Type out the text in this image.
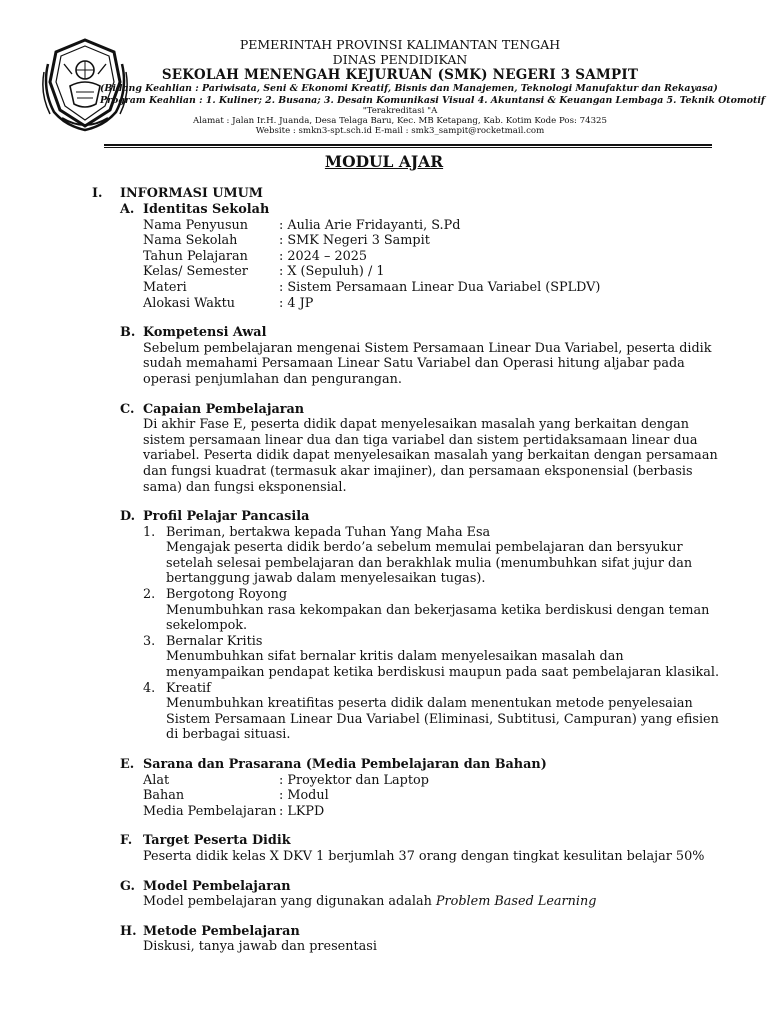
PEMERINTAH PROVINSI KALIMANTAN TENGAH
DINAS PENDIDIKAN
SEKOLAH MENENGAH KEJURUAN (SMK) NEGERI 3 SAMPIT
(Bidang Keahlian : Pariwisata, Seni & Ekonomi Kreatif, Bisnis dan Manajemen, Teknologi Manufaktur dan Rekayasa)
Program Keahlian : 1. Kuliner; 2. Busana; 3. Desain Komunikasi Visual 4. Akuntansi & Keuangan Lembaga 5. Teknik Otomotif
"Terakreditasi "A
Alamat : Jalan Ir.H. Juanda, Desa Telaga Baru, Kec. MB Ketapang, Kab. Kotim Kode Pos: 74325
Website : smkn3-spt.sch.id E-mail : smk3_sampit@rocketmail.com
MODUL AJAR
I. INFORMASI UMUM
A. Identitas Sekolah
Nama Penyusun : Aulia Arie Fridayanti, S.Pd
Nama Sekolah	: SMK Negeri 3 Sampit
Tahun Pelajaran : 2024 – 2025
Kelas/ Semester : X (Sepuluh) / 1
Materi	: Sistem Persamaan Linear Dua Variabel (SPLDV)
Alokasi Waktu	: 4 JP
B. Kompetensi Awal
Sebelum pembelajaran mengenai Sistem Persamaan Linear Dua Variabel, peserta didik sudah memahami Persamaan Linear Satu Variabel dan Operasi hitung aljabar pada operasi penjumlahan dan pengurangan.
C. Capaian Pembelajaran
Di akhir Fase E, peserta didik dapat menyelesaikan masalah yang berkaitan dengan sistem persamaan linear dua dan tiga variabel dan sistem pertidaksamaan linear dua variabel. Peserta didik dapat menyelesaikan masalah yang berkaitan dengan persamaan dan fungsi kuadrat (termasuk akar imajiner), dan persamaan eksponensial (berbasis sama) dan fungsi eksponensial.
D. Profil Pelajar Pancasila
1. Beriman, bertakwa kepada Tuhan Yang Maha Esa
Mengajak peserta didik berdo’a sebelum memulai pembelajaran dan bersyukur setelah selesai pembelajaran dan berakhlak mulia (menumbuhkan sifat jujur dan bertanggung jawab dalam menyelesaikan tugas).
2. Bergotong Royong
Menumbuhkan rasa kekompakan dan bekerjasama ketika berdiskusi dengan teman sekelompok.
3. Bernalar Kritis
Menumbuhkan sifat bernalar kritis dalam menyelesaikan masalah dan menyampaikan pendapat ketika berdiskusi maupun pada saat pembelajaran klasikal.
4. Kreatif
Menumbuhkan kreatifitas peserta didik dalam menentukan metode penyelesaian Sistem Persamaan Linear Dua Variabel (Eliminasi, Subtitusi, Campuran) yang efisien di berbagai situasi.
E. Sarana dan Prasarana (Media Pembelajaran dan Bahan)
Alat	: Proyektor dan Laptop
Bahan	: Modul
Media Pembelajaran : LKPD
F. Target Peserta Didik
Peserta didik kelas X DKV 1 berjumlah 37 orang dengan tingkat kesulitan belajar 50%
G. Model Pembelajaran
Model pembelajaran yang digunakan adalah Problem Based Learning
H. Metode Pembelajaran
Diskusi, tanya jawab dan presentasi
